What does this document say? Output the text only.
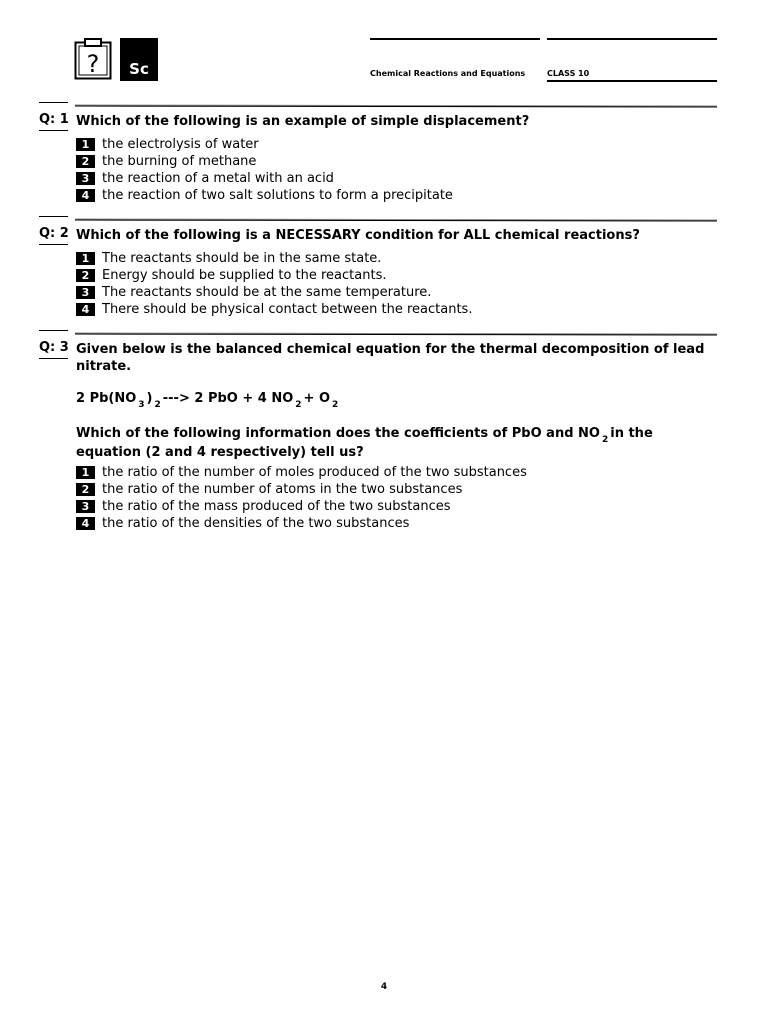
? Sc	Chemical Reactions and Equations	CLASS 10
Q: 1 Which of the following is an example of simple displacement?
1 the electrolysis of water
2 the burning of methane
3 the reaction of a metal with an acid
4 the reaction of two salt solutions to form a precipitate
Q: 2 Which of the following is a NECESSARY condition for ALL chemical reactions?
1 The reactants should be in the same state.
2 Energy should be supplied to the reactants.
3 The reactants should be at the same temperature.
4 There should be physical contact between the reactants.
Q: 3 Given below is the balanced chemical equation for the thermal decomposition of lead nitrate.
2 Pb(NO $_3$ ) $_2$ ---> 2 PbO + 4 NO $_2$ + O $_2$
Which of the following information does the coefficients of PbO and NO $_2$ in the equation (2 and 4 respectively) tell us?
1 the ratio of the number of moles produced of the two substances
2 the ratio of the number of atoms in the two substances
3 the ratio of the mass produced of the two substances
4 the ratio of the densities of the two substances
4
